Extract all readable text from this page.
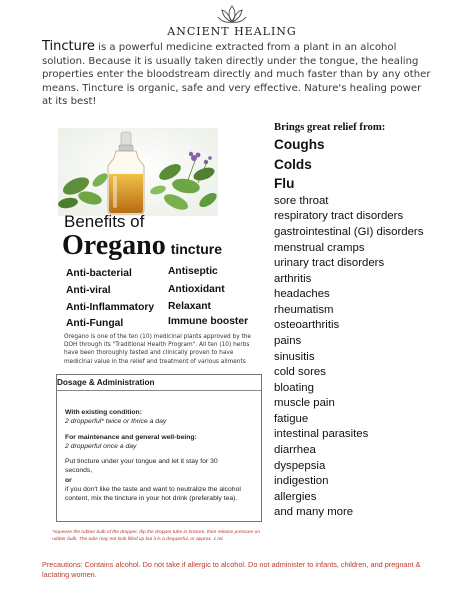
ANCIENT HEALING
Tincture is a powerful medicine extracted from a plant in an alcohol solution. Because it is usually taken directly under the tongue, the healing properties enter the bloodstream directly and much faster than by any other means. Tincture is organic, safe and very effective. Nature's healing power at its best!
Benefits of
Oregano tincture
Anti-bacterial
Anti-viral
Anti-Inflammatory
Anti-Fungal
Antiseptic
Antioxidant
Relaxant
Immune booster
Oregano is one of the ten (10) medicinal plants approved by the DOH through its "Traditional Health Program". All ten (10) herbs have been thoroughly tested and clinically proven to have medicinal value in the relief and treatment of various ailments
Dosage & Administration
With existing condition:
2 dropperful* twice or thrice a day
For maintenance and general well-being:
2 dropperful once a day
Put tincture under your tongue and let it stay for 30 seconds,
or
if you don't like the taste and want to neutralize the alcohol content, mix the tincture in your hot drink (preferably tea).
*squeeze the rubber bulb of the dropper, dip the dropper tube in tincture, then release pressure on rubber bulb. The tube may not look filled up but it is a dropperful, or approx. 1 ml.
Precautions: Contains alcohol. Do not take if allergic to alcohol. Do not administer to infants, children, and pregnant & lactating women.
Brings great relief from:
Coughs
Colds
Flu
sore throat
respiratory tract disorders
gastrointestinal (GI) disorders
menstrual cramps
urinary tract disorders
arthritis
headaches
rheumatism
osteoarthritis
pains
sinusitis
cold sores
bloating
muscle pain
fatigue
intestinal parasites
diarrhea
dyspepsia
indigestion
allergies
and many more
